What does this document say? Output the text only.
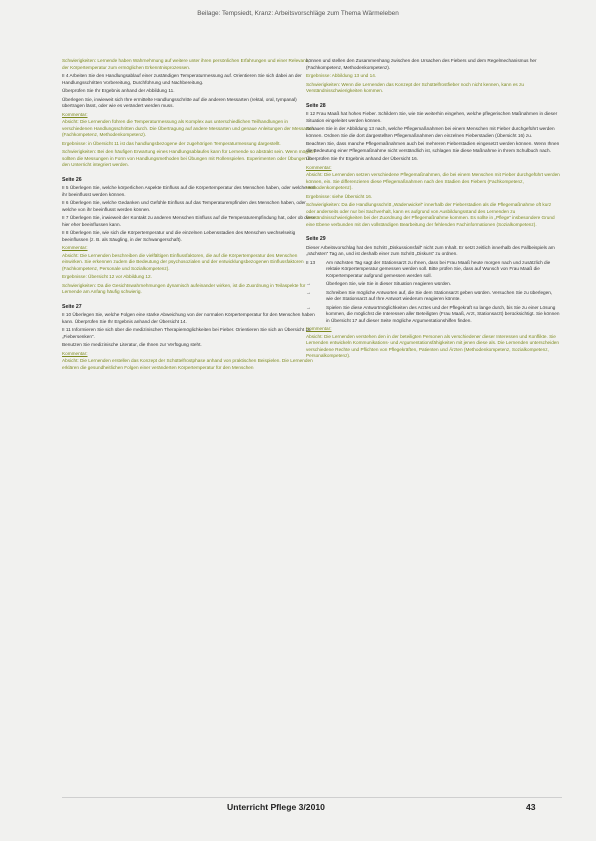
Beilage: Tempsiedt, Kranz: Arbeitsvorschläge zum Thema Wärmeleben
Schwierigkeiten: Lernende haben Wahrnehmung auf weitere unter ihren persönlichen Erfahrungen und einer Relevanz, der Körpertemperatur zum ermöglichen Erkenntnisprozessen.
II 4 Arbeiten Sie den Handlungsablauf einer zuständigen Temperaturmessung auf. Orientieren Sie sich dabei an der Handlungsschritten Vorbereitung, Durchführung und Nachbereitung.
Überprüfen Sie Ihr Ergebnis anhand der Abbildung 11.
Überlegen Sie, inwieweit sich Ihre ermittelte Handlungsschritte auf die anderen Messarten (rektal, oral, tympanal) übertragen lässt, oder wie es verändert werden muss.
Kommentar:
Absicht: Die Lernenden führen die Temperaturmessung als Komplex aus unterschiedlichen Teilhandlungen in verschiedenen Handlungsschritten durch. Die Übertragung auf andere Messarten und genaue Anleitungen der Messarten (Fachkompetenz, Methodenkompetenz).
Ergebnisse: in Übersicht 11 ist das handlungsbezogene der zugehörigen Temperaturmessung dargestellt.
Schwierigkeiten: Bei den häufigen Erwartung eines Handlungsablaufes kann für Lernende so abstrakt sein. Wenn möglich sollten die Messungen in Form von Handlungsmethoden bei Übungen mit Rollenspielen. Experimenten oder Übungen in den Unterricht integriert werden.
Seite 26
II 5 Überlegen Sie, welche körperlichen Aspekte Einfluss auf die Körpertemperatur des Menschen haben, oder welche von ihr beeinflusst werden können.
II 6 Überlegen Sie, welche Gedanken und Gefühle Einfluss auf das Temperaturempfinden des Menschen haben, oder welche von ihr beeinflusst werden können.
II 7 Überlegen Sie, inwieweit der Kontakt zu anderen Menschen Einfluss auf die Temperaturempfindung hat, oder ob diese hier eher beeinflussen kann.
II 8 Überlegen Sie, wie sich die Körpertemperatur und die einzelnen Lebensstadien des Menschen wechselseitig beeinflussen (z. B. als Säugling, in der Schwangerschaft).
Kommentar:
Absicht: Die Lernenden beschreiben die vielfältigen Einflussfaktoren, die auf die Körpertemperatur des Menschen einwirken. Sie erkennen zudem die Bedeutung der psychosozialen und der entwicklungsbezogenen Einflussfaktoren (Fachkompetenz, Personale und Sozialkompetenz).
Ergebnisse: Übersicht 12 vor Abbildung 12.
Schwierigkeiten: Da die Gesichtswahrnehmungen dynamisch aufeinander wirken, ist die Zuordnung in Teilaspekte für Lernende am Anfang häufig schwierig.
Seite 27
II 10 Überlegen Sie, welche Folgen eine starke Abweichung von der normalen Körpertemperatur für den Menschen haben kann. Überprüfen Sie Ihr Ergebnis anhand der Übersicht 14.
II 11 Informieren Sie sich über die medizinischen Therapiemöglichkeiten bei Fieber. Orientieren Sie sich an Übersicht 15 „Fiebersenken“.
Benutzen Sie medizinische Literatur, die Ihnen zur Verfügung steht.
Kommentar:
Absicht: Die Lernenden erstellen das Konzept der Schüttelfrostphase anhand von praktischen Beispielen. Die Lernenden erklären die gesundheitlichen Folgen einer veränderten Körpertemperatur für den Menschen
können und stellen den Zusammenhang zwischen den Ursachen des Fiebers und dem Regelmechanismus her (Fachkompetenz, Methodenkompetenz).
Ergebnisse: Abbildung 13 und 14.
Schwierigkeiten: Wenn die Lernenden das Konzept der Schüttelfrostfieber noch nicht kennen, kann es zu Verständnisschwierigkeiten kommen.
Seite 28
II 12 Frau Maaß hat hohes Fieber. Schildern Sie, wie Sie weiterhin eingehen, welche pflegerischen Maßnahmen in dieser Situation eingeleitet werden können.
Schauen Sie in der Abbildung 13 nach, welche Pflegemaßnahmen bei einem Menschen mit Fieber durchgeführt werden können. Ordnen Sie die dort dargestellten Pflegemaßnahmen den einzelnen Fieberstadien (Übersicht 16) zu.
Beachten Sie, dass manche Pflegemaßnahmen auch bei mehreren Fieberstadien eingesetzt werden können. Wenn Ihnen die Bedeutung einer Pflegemaßnahme nicht verständlich ist, schlagen Sie diese Maßnahme in Ihrem Schulbuch nach.
Überprüfen Sie Ihr Ergebnis anhand der Übersicht 16.
Kommentar:
Absicht: Die Lernenden setzen verschiedene Pflegemaßnahmen, die bei einem Menschen mit Fieber durchgeführt werden können, ein. Sie differenzieren diese Pflegemaßnahmen nach den Stadien des Fiebers (Fachkompetenz, Methodenkompetenz).
Ergebnisse: siehe Übersicht 16.
Schwierigkeiten: Da die Handlungsschritt „Wadenwickel“ innerhalb der Fieberstadien als die Pflegemaßnahme oft kurz oder anderseits oder nur bei Sachverhalt, kann es aufgrund von Ausbildungsstand des Lernenden zu Verständnisschwierigkeiten bei der Zuordnung der Pflegemaßnahme kommen. Es sollte in „Pflege“ insbesondere Grund eine Ebene verbunden mit den vollständigen Bearbeitung der fehlenden Fachinformationen (Sozialkompetenz).
Seite 29
Dieser Arbeitsvorschlag hat den Schritt „Diskussionsfall“ nicht zum Inhalt. Er setzt zeitlich innerhalb des Fallbeispiels am „nächsten“ Tag an, und ist deshalb einer zum Schritt „Diskurs“ zu ordnen.
II 13	Am nächsten Tag sagt der Stationsarzt zu Ihnen, dass bei Frau Maaß heute morgen nach und zusätzlich die rektale Körpertemperatur gemessen werden soll. Bitte prüfen Sie, dass auf Wunsch von Frau Maaß die Körpertemperatur aufgrund gemessen werden soll.
→	Überlegen Sie, wie Sie in dieser Situation reagieren würden.
→	Schreiben Sie mögliche Antworten auf, die Sie dem Stationsarzt geben würden. Versuchen Sie zu überlegen, wie der Stationsarzt auf Ihre Antwort wiederum reagieren könnte.
→	Spielen Sie diese Antwortmöglichkeiten des Arztes und der Pflegekraft so lange durch, bis Sie zu einer Lösung kommen, die möglichst die Interessen aller Beteiligten (Frau Maaß, Arzt, Stationsarzt) berücksichtigt. Sie können in Übersicht 17 auf dieser Seite mögliche Argumentationshilfen finden.
Kommentar:
Absicht: Die Lernenden verstehen den in der beteiligten Personen als verschiedener dieser Interessen und Konflikte. Sie Lernenden entwickeln Kommunikations- und Argumentationsfähigkeiten mit jenen diese als. Die Lernenden unterscheiden verschiedene Rechte und Pflichten von Pflegekräften, Patienten und Ärzten (Methodenkompetenz, Sozialkompetenz, Personalkompetenz).
Unterricht Pflege 3/2010	43
